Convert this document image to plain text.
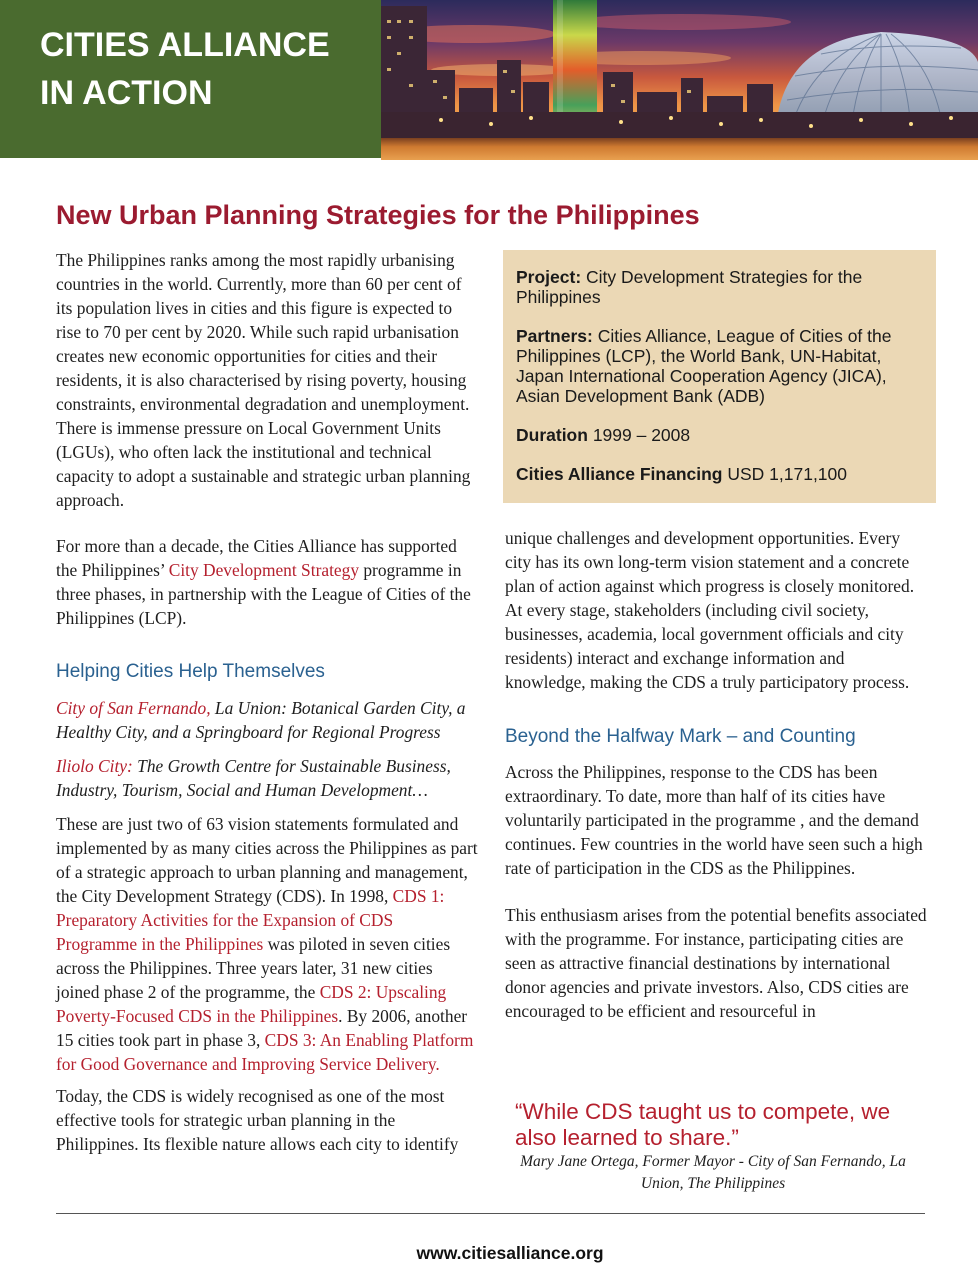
CITIES ALLIANCE
IN ACTION
New Urban Planning Strategies for the Philippines

The Philippines ranks among the most rapidly urbanising countries in the world. Currently, more than 60 per cent of its population lives in cities and this figure is expected to rise to 70 per cent by 2020. While such rapid urbanisation creates new economic opportunities for cities and their residents, it is also characterised by rising poverty, housing constraints, environmental degradation and unemployment. There is immense pressure on Local Government Units (LGUs), who often lack the institutional and technical capacity to adopt a sustainable and strategic urban planning approach.

For more than a decade, the Cities Alliance has supported the Philippines’ City Development Strategy programme in three phases, in partnership with the League of Cities of the Philippines (LCP).

Helping Cities Help Themselves

City of San Fernando, La Union: Botanical Garden City, a Healthy City, and a Springboard for Regional Progress

Iliolo City: The Growth Centre for Sustainable Business, Industry, Tourism, Social and Human Development…

These are just two of 63 vision statements formulated and implemented by as many cities across the Philippines as part of a strategic approach to urban planning and management, the City Development Strategy (CDS). In 1998, CDS 1: Preparatory Activities for the Expansion of CDS Programme in the Philippines was piloted in seven cities across the Philippines. Three years later, 31 new cities joined phase 2 of the programme, the CDS 2: Upscaling Poverty-Focused CDS in the Philippines. By 2006, another 15 cities took part in phase 3, CDS 3: An Enabling Platform for Good Governance and Improving Service Delivery.

Today, the CDS is widely recognised as one of the most effective tools for strategic urban planning in the Philippines. Its flexible nature allows each city to identify

Project: City Development Strategies for the Philippines

Partners: Cities Alliance, League of Cities of the Philippines (LCP), the World Bank, UN-Habitat, Japan International Cooperation Agency (JICA), Asian Development Bank (ADB)

Duration 1999 – 2008

Cities Alliance Financing USD 1,171,100

unique challenges and development opportunities. Every city has its own long-term vision statement and a concrete plan of action against which progress is closely monitored. At every stage, stakeholders (including civil society, businesses, academia, local government officials and city residents) interact and exchange information and knowledge, making the CDS a truly participatory process.

Beyond the Halfway Mark – and Counting

Across the Philippines, response to the CDS has been extraordinary. To date, more than half of its cities have voluntarily participated in the programme , and the demand continues. Few countries in the world have seen such a high rate of participation in the CDS as the Philippines.

This enthusiasm arises from the potential benefits associated with the programme. For instance, participating cities are seen as attractive financial destinations by international donor agencies and private investors. Also, CDS cities are encouraged to be efficient and resourceful in

“While CDS taught us to compete, we also learned to share.”
Mary Jane Ortega, Former Mayor - City of San Fernando, La Union, The Philippines
www.citiesalliance.org
